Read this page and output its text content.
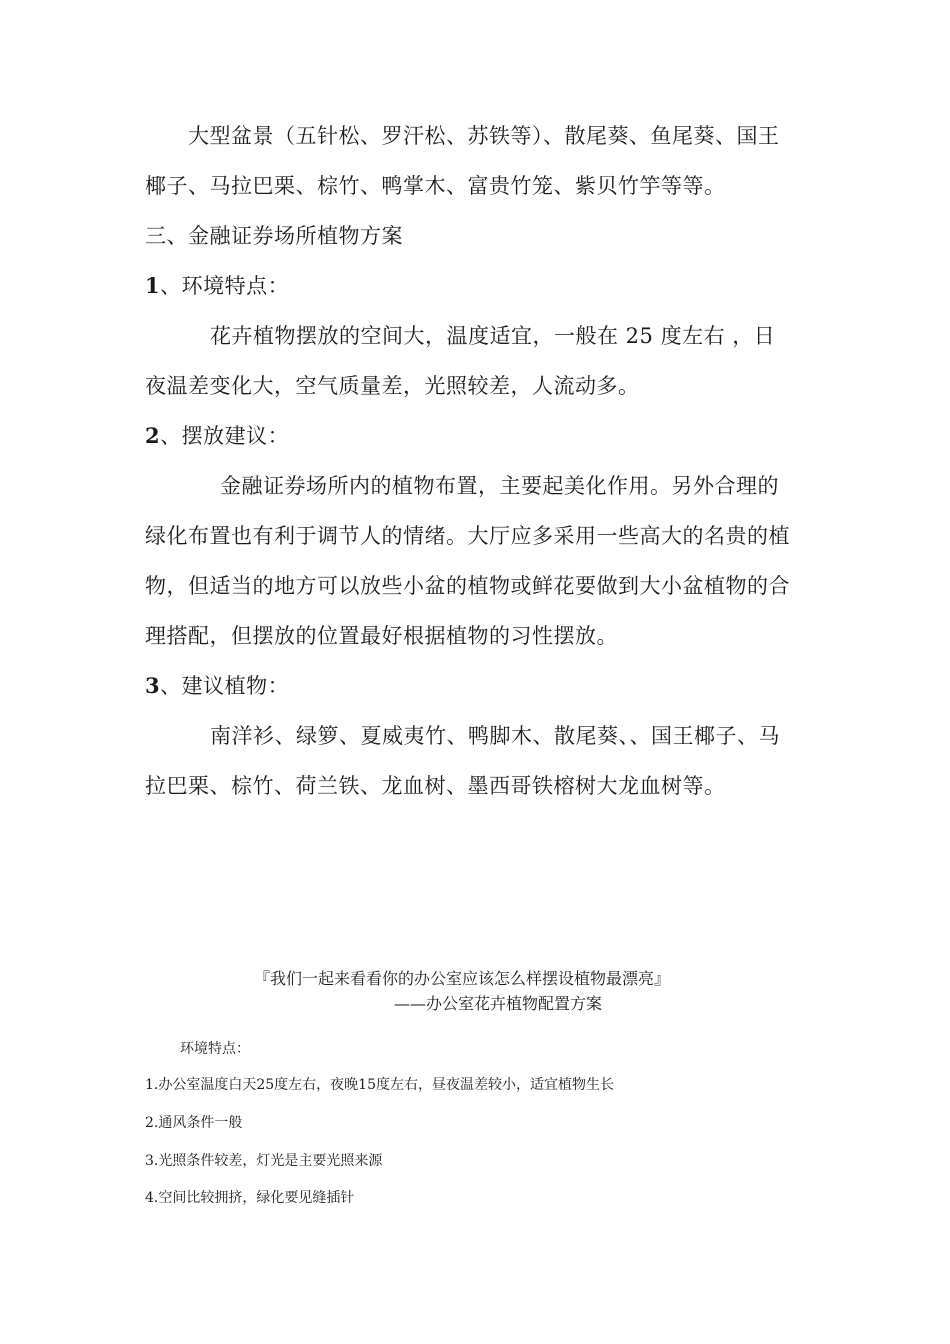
大型盆景（五针松、罗汗松、苏铁等）、散尾葵、鱼尾葵、国王
椰子、马拉巴栗、棕竹、鸭掌木、富贵竹笼、紫贝竹竽等等。
三、金融证券场所植物方案
1、环境特点：
花卉植物摆放的空间大，温度适宜，一般在 25 度左右 ，日
夜温差变化大，空气质量差，光照较差，人流动多。
2、摆放建议：
金融证券场所内的植物布置，主要起美化作用。另外合理的
绿化布置也有利于调节人的情绪。大厅应多采用一些高大的名贵的植
物，但适当的地方可以放些小盆的植物或鲜花要做到大小盆植物的合
理搭配，但摆放的位置最好根据植物的习性摆放。
3、建议植物：
南洋衫、绿箩、夏威夷竹、鸭脚木、散尾葵、、国王椰子、马
拉巴栗、棕竹、荷兰铁、龙血树、墨西哥铁榕树大龙血树等。
『我们一起来看看你的办公室应该怎么样摆设植物最漂亮』
——办公室花卉植物配置方案
环境特点：
1.办公室温度白天25度左右，夜晚15度左右，昼夜温差较小，适宜植物生长
2.通风条件一般
3.光照条件较差，灯光是主要光照来源
4.空间比较拥挤，绿化要见缝插针
